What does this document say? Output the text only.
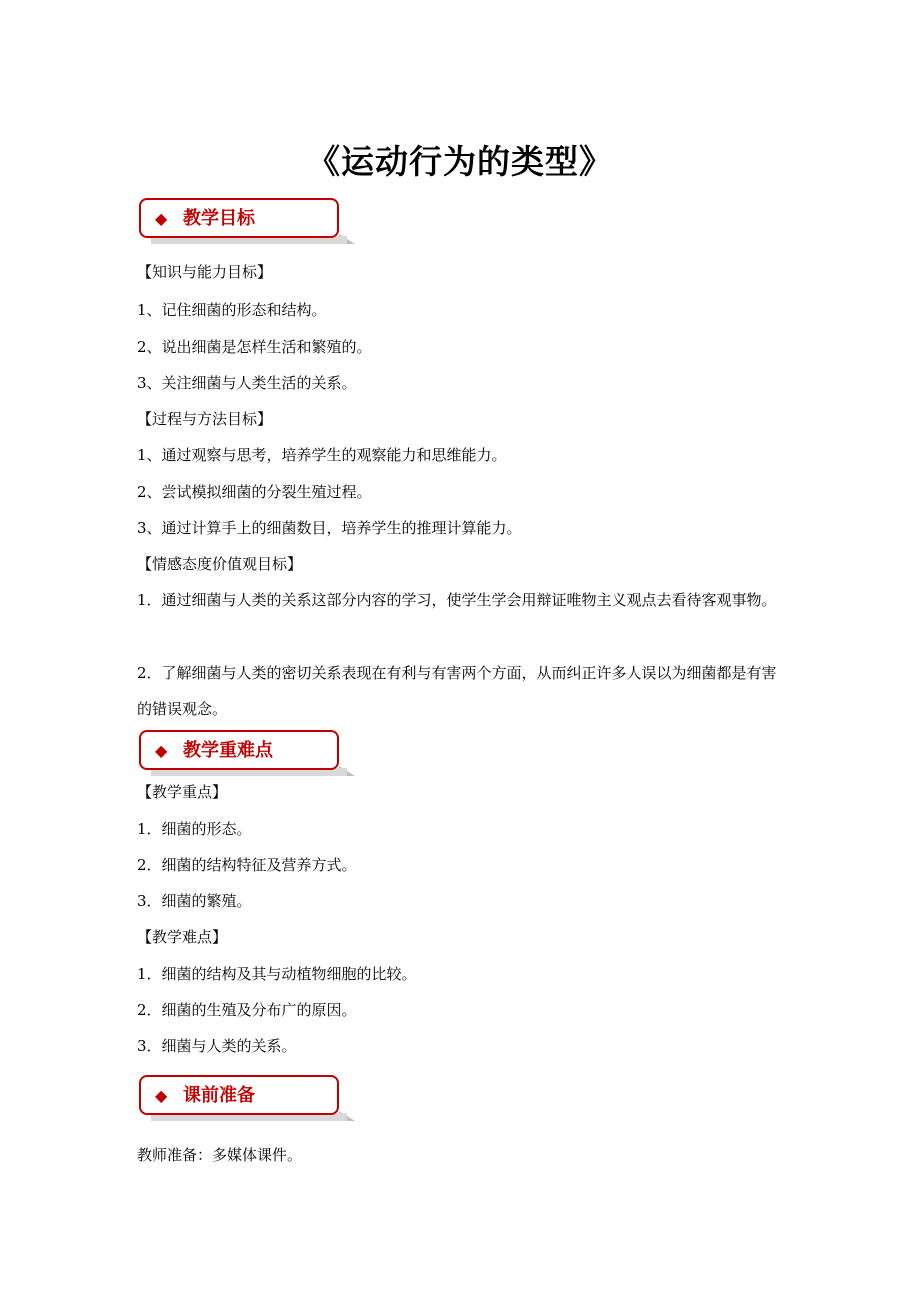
《运动行为的类型》
◆ 教学目标
【知识与能力目标】
1、记住细菌的形态和结构。
2、说出细菌是怎样生活和繁殖的。
3、关注细菌与人类生活的关系。
【过程与方法目标】
1、通过观察与思考，培养学生的观察能力和思维能力。
2、尝试模拟细菌的分裂生殖过程。
3、通过计算手上的细菌数目，培养学生的推理计算能力。
【情感态度价值观目标】
1．通过细菌与人类的关系这部分内容的学习，使学生学会用辩证唯物主义观点去看待客观事物。
2．了解细菌与人类的密切关系表现在有利与有害两个方面，从而纠正许多人误以为细菌都是有害的错误观念。
◆ 教学重难点
【教学重点】
1．细菌的形态。
2．细菌的结构特征及营养方式。
3．细菌的繁殖。
【教学难点】
1．细菌的结构及其与动植物细胞的比较。
2．细菌的生殖及分布广的原因。
3．细菌与人类的关系。
◆ 课前准备
教师准备：多媒体课件。
